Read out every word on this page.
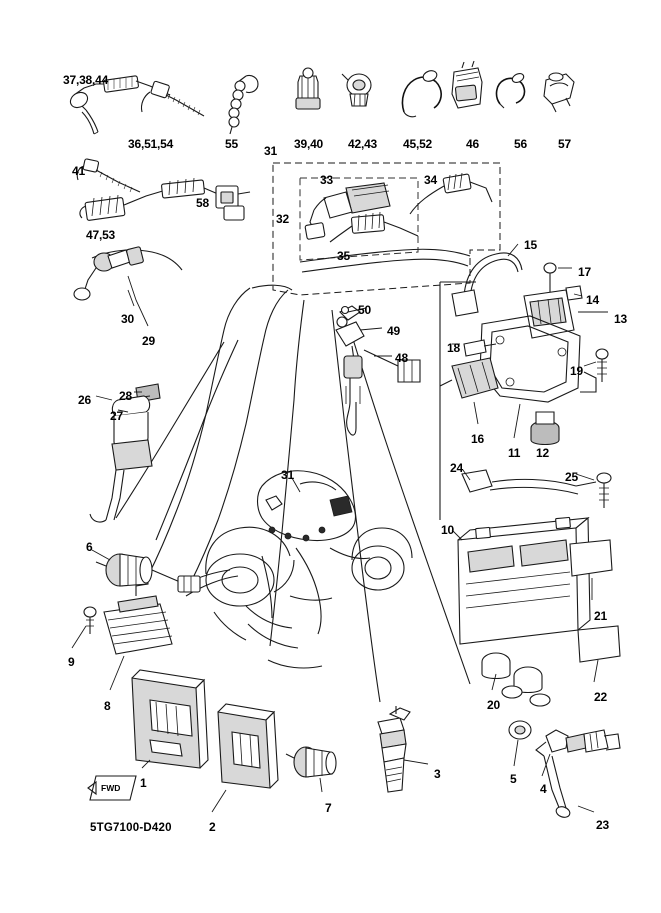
37,38,44
36,51,54	55 31 39,40 42,43 45,52	46	56	57
41
33	34
58
32
47,53
35
15
17
14
13
30
29
50
49
18
19
48
26 28
27
16
11 12
24
25
31
10
6
21
9
22
20
8
1
7
3	5
4
23
2
FWD
5TG7100-D420
